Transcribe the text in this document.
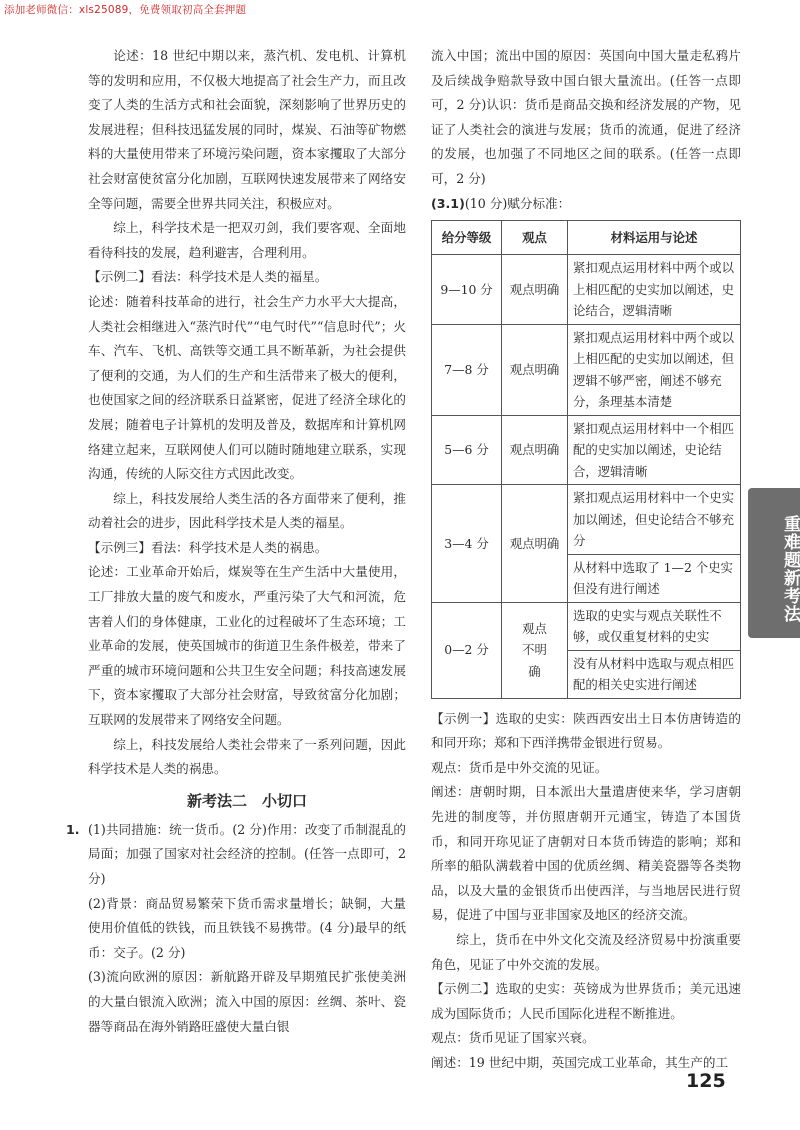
添加老师微信：xls25089，免费领取初高全套押题

论述：18 世纪中期以来，蒸汽机、发电机、计算机等的发明和应用，不仅极大地提高了社会生产力，而且改变了人类的生活方式和社会面貌，深刻影响了世界历史的发展进程；但科技迅猛发展的同时，煤炭、石油等矿物燃料的大量使用带来了环境污染问题，资本家攫取了大部分社会财富使贫富分化加剧，互联网快速发展带来了网络安全等问题，需要全世界共同关注，积极应对。

综上，科学技术是一把双刃剑，我们要客观、全面地看待科技的发展，趋利避害，合理利用。

【示例二】看法：科学技术是人类的福星。

论述：随着科技革命的进行，社会生产力水平大大提高，人类社会相继进入“蒸汽时代”“电气时代”“信息时代”；火车、汽车、飞机、高铁等交通工具不断革新，为社会提供了便利的交通，为人们的生产和生活带来了极大的便利，也使国家之间的经济联系日益紧密，促进了经济全球化的发展；随着电子计算机的发明及普及，数据库和计算机网络建立起来，互联网使人们可以随时随地建立联系，实现沟通，传统的人际交往方式因此改变。

综上，科技发展给人类生活的各方面带来了便利，推动着社会的进步，因此科学技术是人类的福星。

【示例三】看法：科学技术是人类的祸患。

论述：工业革命开始后，煤炭等在生产生活中大量使用，工厂排放大量的废气和废水，严重污染了大气和河流，危害着人们的身体健康，工业化的过程破坏了生态环境；工业革命的发展，使英国城市的街道卫生条件极差，带来了严重的城市环境问题和公共卫生安全问题；科技高速发展下，资本家攫取了大部分社会财富，导致贫富分化加剧；互联网的发展带来了网络安全问题。

综上，科技发展给人类社会带来了一系列问题，因此科学技术是人类的祸患。

新考法二　小切口

1. (1)共同措施：统一货币。(2 分)作用：改变了币制混乱的局面；加强了国家对社会经济的控制。(任答一点即可，2 分)

(2)背景：商品贸易繁荣下货币需求量增长；缺铜，大量使用价值低的铁钱，而且铁钱不易携带。(4 分)最早的纸币：交子。(2 分)

(3)流向欧洲的原因：新航路开辟及早期殖民扩张使美洲的大量白银流入欧洲；流入中国的原因：丝绸、茶叶、瓷器等商品在海外销路旺盛使大量白银

流入中国；流出中国的原因：英国向中国大量走私鸦片及后续战争赔款导致中国白银大量流出。(任答一点即可，2 分)认识：货币是商品交换和经济发展的产物，见证了人类社会的演进与发展；货币的流通，促进了经济的发展，也加强了不同地区之间的联系。(任答一点即可，2 分)

(3.1)(10 分)赋分标准：

给分等级	观点	材料运用与论述
9—10 分	观点明确	紧扣观点运用材料中两个或以上相匹配的史实加以阐述，史论结合，逻辑清晰
7—8 分	观点明确	紧扣观点运用材料中两个或以上相匹配的史实加以阐述，但逻辑不够严密，阐述不够充分，条理基本清楚
5—6 分	观点明确	紧扣观点运用材料中一个相匹配的史实加以阐述，史论结合，逻辑清晰
3—4 分	观点明确	紧扣观点运用材料中一个史实加以阐述，但史论结合不够充分
		从材料中选取了 1—2 个史实但没有进行阐述
0—2 分	观点不明确	选取的史实与观点关联性不够，或仅重复材料的史实
		没有从材料中选取与观点相匹配的相关史实进行阐述

【示例一】选取的史实：陕西西安出土日本仿唐铸造的和同开珎；郑和下西洋携带金银进行贸易。

观点：货币是中外交流的见证。

阐述：唐朝时期，日本派出大量遣唐使来华，学习唐朝先进的制度等，并仿照唐朝开元通宝，铸造了本国货币，和同开珎见证了唐朝对日本货币铸造的影响；郑和所率的船队满载着中国的优质丝绸、精美瓷器等各类物品，以及大量的金银货币出使西洋，与当地居民进行贸易，促进了中国与亚非国家及地区的经济交流。

综上，货币在中外文化交流及经济贸易中扮演重要角色，见证了中外交流的发展。

【示例二】选取的史实：英镑成为世界货币；美元迅速成为国际货币；人民币国际化进程不断推进。

观点：货币见证了国家兴衰。

阐述：19 世纪中期，英国完成工业革命，其生产的工

重难题新考法
125
